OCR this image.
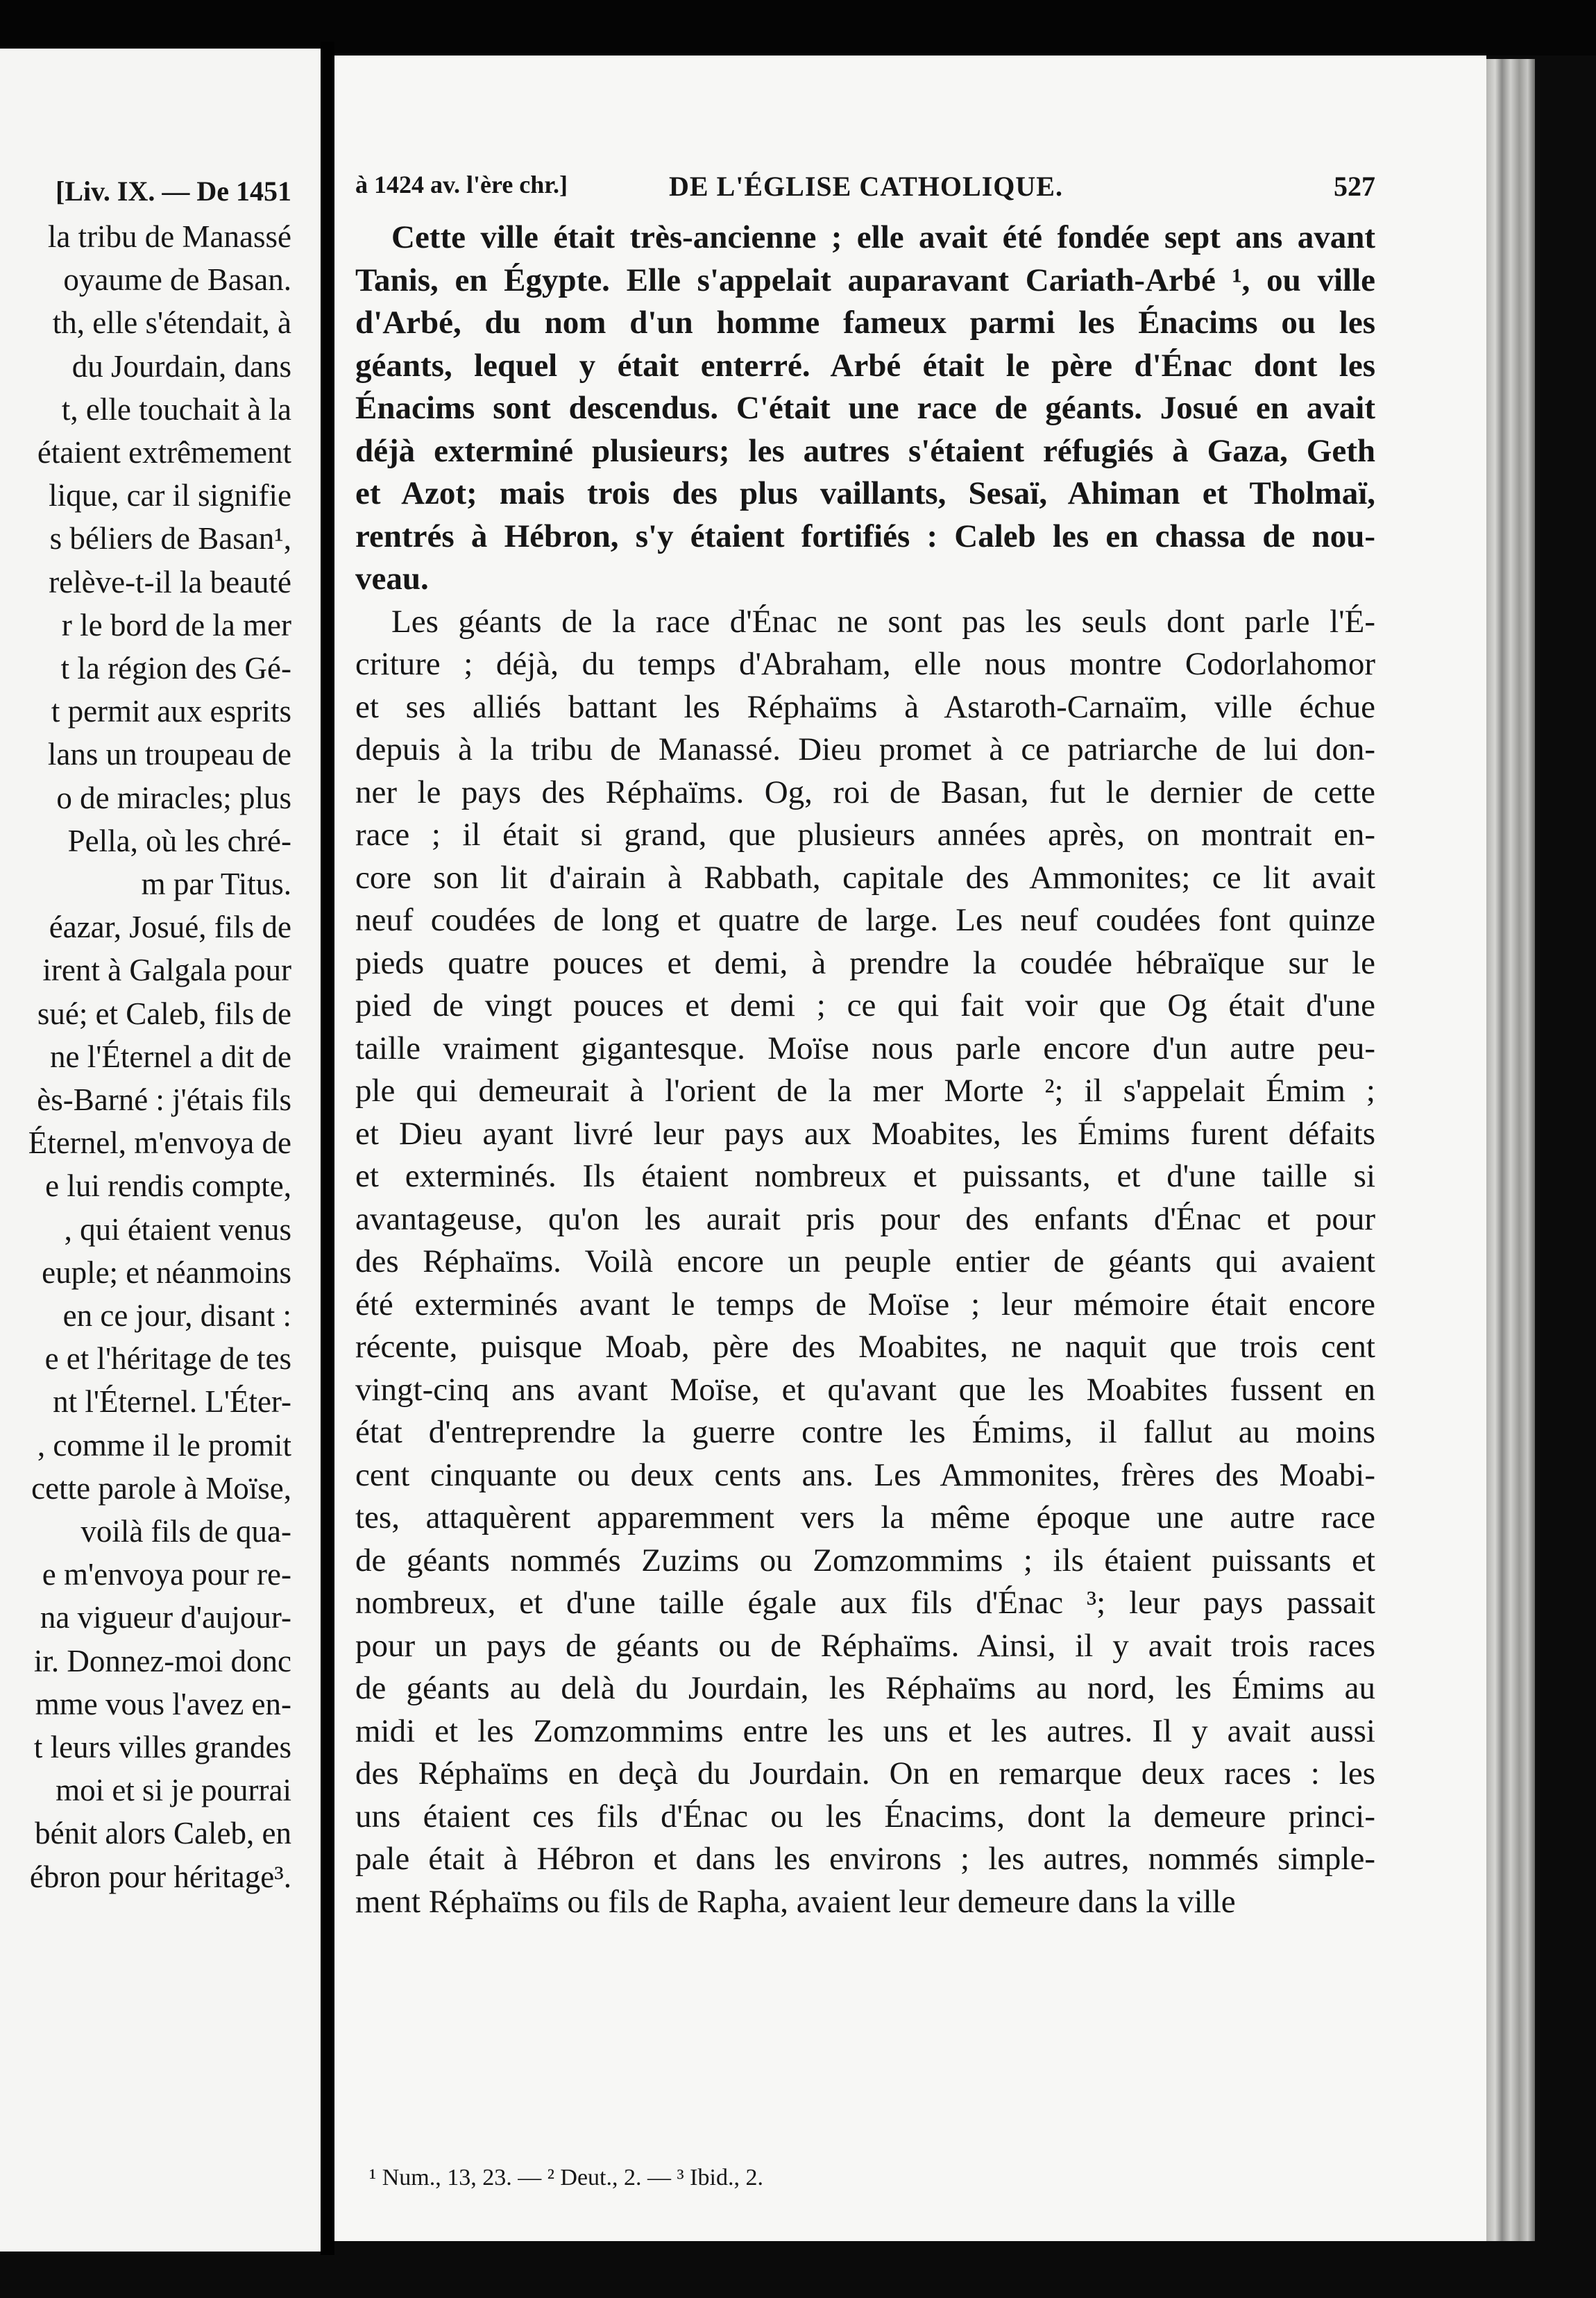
[Liv. IX. — De 1451
la tribu de Manassé
oyaume de Basan.
th, elle s'étendait, à
du Jourdain, dans
t, elle touchait à la
étaient extrêmement
lique, car il signifie
s béliers de Basan¹,
relève-t-il la beauté
r le bord de la mer
t la région des Gé-
t permit aux esprits
lans un troupeau de
o de miracles; plus
Pella, où les chré-
m par Titus.
éazar, Josué, fils de
irent à Galgala pour
sué; et Caleb, fils de
ne l'Éternel a dit de
ès-Barné : j'étais fils
Éternel, m'envoya de
e lui rendis compte,
, qui étaient venus
euple; et néanmoins
en ce jour, disant :
e et l'héritage de tes
nt l'Éternel. L'Éter-
, comme il le promit
cette parole à Moïse,
voilà fils de qua-
e m'envoya pour re-
na vigueur d'aujour-
ir. Donnez-moi donc
mme vous l'avez en-
t leurs villes grandes
moi et si je pourrai
bénit alors Caleb, en
ébron pour héritage³.
à 1424 av. l'ère chr.]	DE L'ÉGLISE CATHOLIQUE.	527
Cette ville était très-ancienne ; elle avait été fondée sept ans avant
Tanis, en Égypte. Elle s'appelait auparavant Cariath-Arbé ¹, ou ville
d'Arbé, du nom d'un homme fameux parmi les Énacims ou les
géants, lequel y était enterré. Arbé était le père d'Énac dont les
Énacims sont descendus. C'était une race de géants. Josué en avait
déjà exterminé plusieurs; les autres s'étaient réfugiés à Gaza, Geth
et Azot; mais trois des plus vaillants, Sesaï, Ahiman et Tholmaï,
rentrés à Hébron, s'y étaient fortifiés : Caleb les en chassa de nou-
veau.
Les géants de la race d'Énac ne sont pas les seuls dont parle l'É-
criture ; déjà, du temps d'Abraham, elle nous montre Codorlahomor
et ses alliés battant les Réphaïms à Astaroth-Carnaïm, ville échue
depuis à la tribu de Manassé. Dieu promet à ce patriarche de lui don-
ner le pays des Réphaïms. Og, roi de Basan, fut le dernier de cette
race ; il était si grand, que plusieurs années après, on montrait en-
core son lit d'airain à Rabbath, capitale des Ammonites; ce lit avait
neuf coudées de long et quatre de large. Les neuf coudées font quinze
pieds quatre pouces et demi, à prendre la coudée hébraïque sur le
pied de vingt pouces et demi ; ce qui fait voir que Og était d'une
taille vraiment gigantesque. Moïse nous parle encore d'un autre peu-
ple qui demeurait à l'orient de la mer Morte ²; il s'appelait Émim ;
et Dieu ayant livré leur pays aux Moabites, les Émims furent défaits
et exterminés. Ils étaient nombreux et puissants, et d'une taille si
avantageuse, qu'on les aurait pris pour des enfants d'Énac et pour
des Réphaïms. Voilà encore un peuple entier de géants qui avaient
été exterminés avant le temps de Moïse ; leur mémoire était encore
récente, puisque Moab, père des Moabites, ne naquit que trois cent
vingt-cinq ans avant Moïse, et qu'avant que les Moabites fussent en
état d'entreprendre la guerre contre les Émims, il fallut au moins
cent cinquante ou deux cents ans. Les Ammonites, frères des Moabi-
tes, attaquèrent apparemment vers la même époque une autre race
de géants nommés Zuzims ou Zomzommims ; ils étaient puissants et
nombreux, et d'une taille égale aux fils d'Énac ³; leur pays passait
pour un pays de géants ou de Réphaïms. Ainsi, il y avait trois races
de géants au delà du Jourdain, les Réphaïms au nord, les Émims au
midi et les Zomzommims entre les uns et les autres. Il y avait aussi
des Réphaïms en deçà du Jourdain. On en remarque deux races : les
uns étaient ces fils d'Énac ou les Énacims, dont la demeure princi-
pale était à Hébron et dans les environs ; les autres, nommés simple-
ment Réphaïms ou fils de Rapha, avaient leur demeure dans la ville
¹ Num., 13, 23. — ² Deut., 2. — ³ Ibid., 2.
